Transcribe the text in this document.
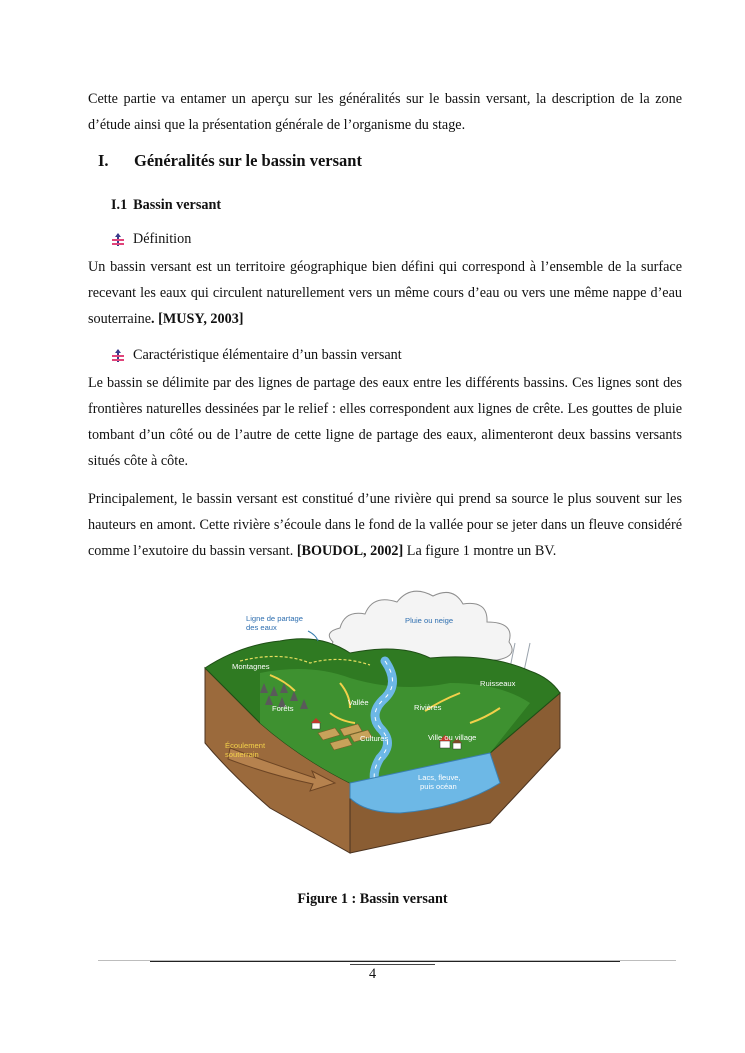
Cette partie va entamer un aperçu sur les généralités sur le bassin versant, la description de la zone d’étude ainsi que la présentation générale de l’organisme du stage.
I. Généralités sur le bassin versant
I.1 Bassin versant
Définition
Un bassin versant est un territoire géographique bien défini qui correspond à l’ensemble de la surface recevant les eaux qui circulent naturellement vers un même cours d’eau ou vers une même nappe d’eau souterraine. [MUSY, 2003]
Caractéristique élémentaire d’un bassin versant
Le bassin se délimite par des lignes de partage des eaux entre les différents bassins. Ces lignes sont des frontières naturelles dessinées par le relief : elles correspondent aux lignes de crête. Les gouttes de pluie tombant d’un côté ou de l’autre de cette ligne de partage des eaux, alimenteront deux bassins versants situés côte à côte.
Principalement, le bassin versant est constitué d’une rivière qui prend sa source le plus souvent sur les hauteurs en amont. Cette rivière s’écoule dans le fond de la vallée pour se jeter dans un fleuve considéré comme l’exutoire du bassin versant. [BOUDOL, 2002] La figure 1 montre un BV.
Ligne de partage
des eaux
Pluie ou neige
Montagnes
Ruisseaux
Vallée
Rivières
Forêts
Cultures	Ville ou village
Écoulement
souterrain
Lacs, fleuve,
puis océan
Figure 1 : Bassin versant
4
